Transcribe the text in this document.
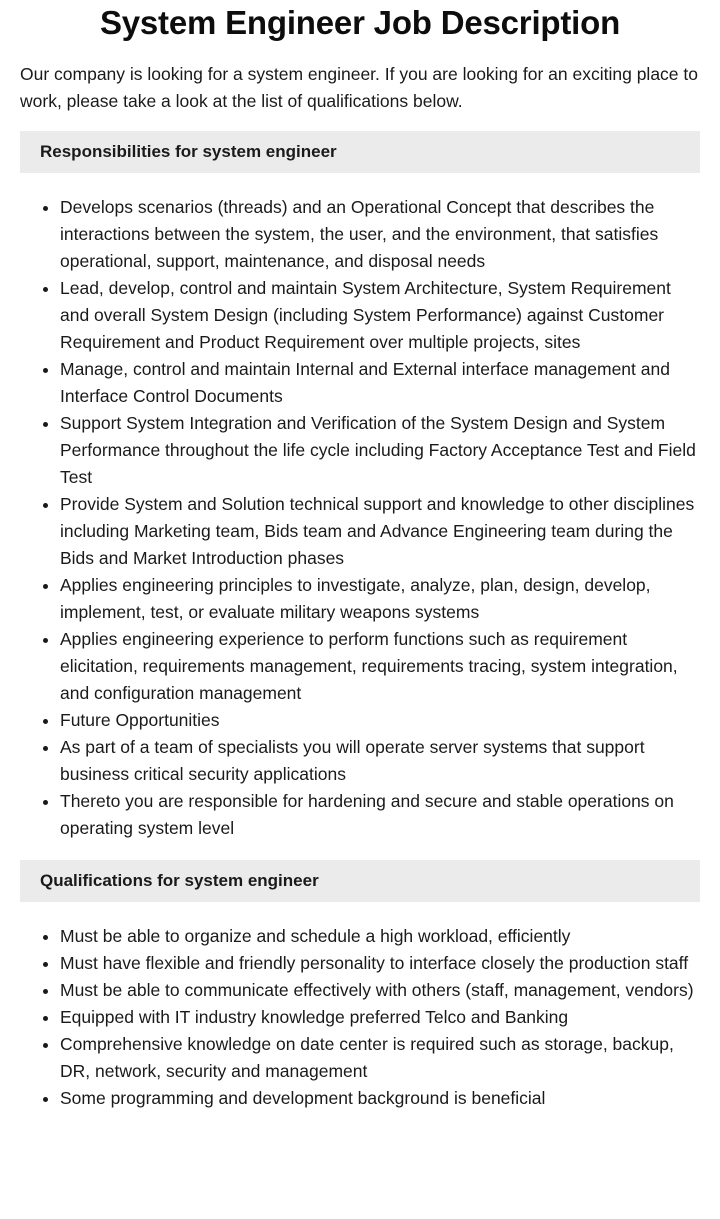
System Engineer Job Description

Our company is looking for a system engineer. If you are looking for an exciting place to work, please take a look at the list of qualifications below.

Responsibilities for system engineer
Develops scenarios (threads) and an Operational Concept that describes the interactions between the system, the user, and the environment, that satisfies operational, support, maintenance, and disposal needs
Lead, develop, control and maintain System Architecture, System Requirement and overall System Design (including System Performance) against Customer Requirement and Product Requirement over multiple projects, sites
Manage, control and maintain Internal and External interface management and Interface Control Documents
Support System Integration and Verification of the System Design and System Performance throughout the life cycle including Factory Acceptance Test and Field Test
Provide System and Solution technical support and knowledge to other disciplines including Marketing team, Bids team and Advance Engineering team during the Bids and Market Introduction phases
Applies engineering principles to investigate, analyze, plan, design, develop, implement, test, or evaluate military weapons systems
Applies engineering experience to perform functions such as requirement elicitation, requirements management, requirements tracing, system integration, and configuration management
Future Opportunities
As part of a team of specialists you will operate server systems that support business critical security applications
Thereto you are responsible for hardening and secure and stable operations on operating system level
Qualifications for system engineer
Must be able to organize and schedule a high workload, efficiently
Must have flexible and friendly personality to interface closely the production staff
Must be able to communicate effectively with others (staff, management, vendors)
Equipped with IT industry knowledge preferred Telco and Banking
Comprehensive knowledge on date center is required such as storage, backup, DR, network, security and management
Some programming and development background is beneficial
